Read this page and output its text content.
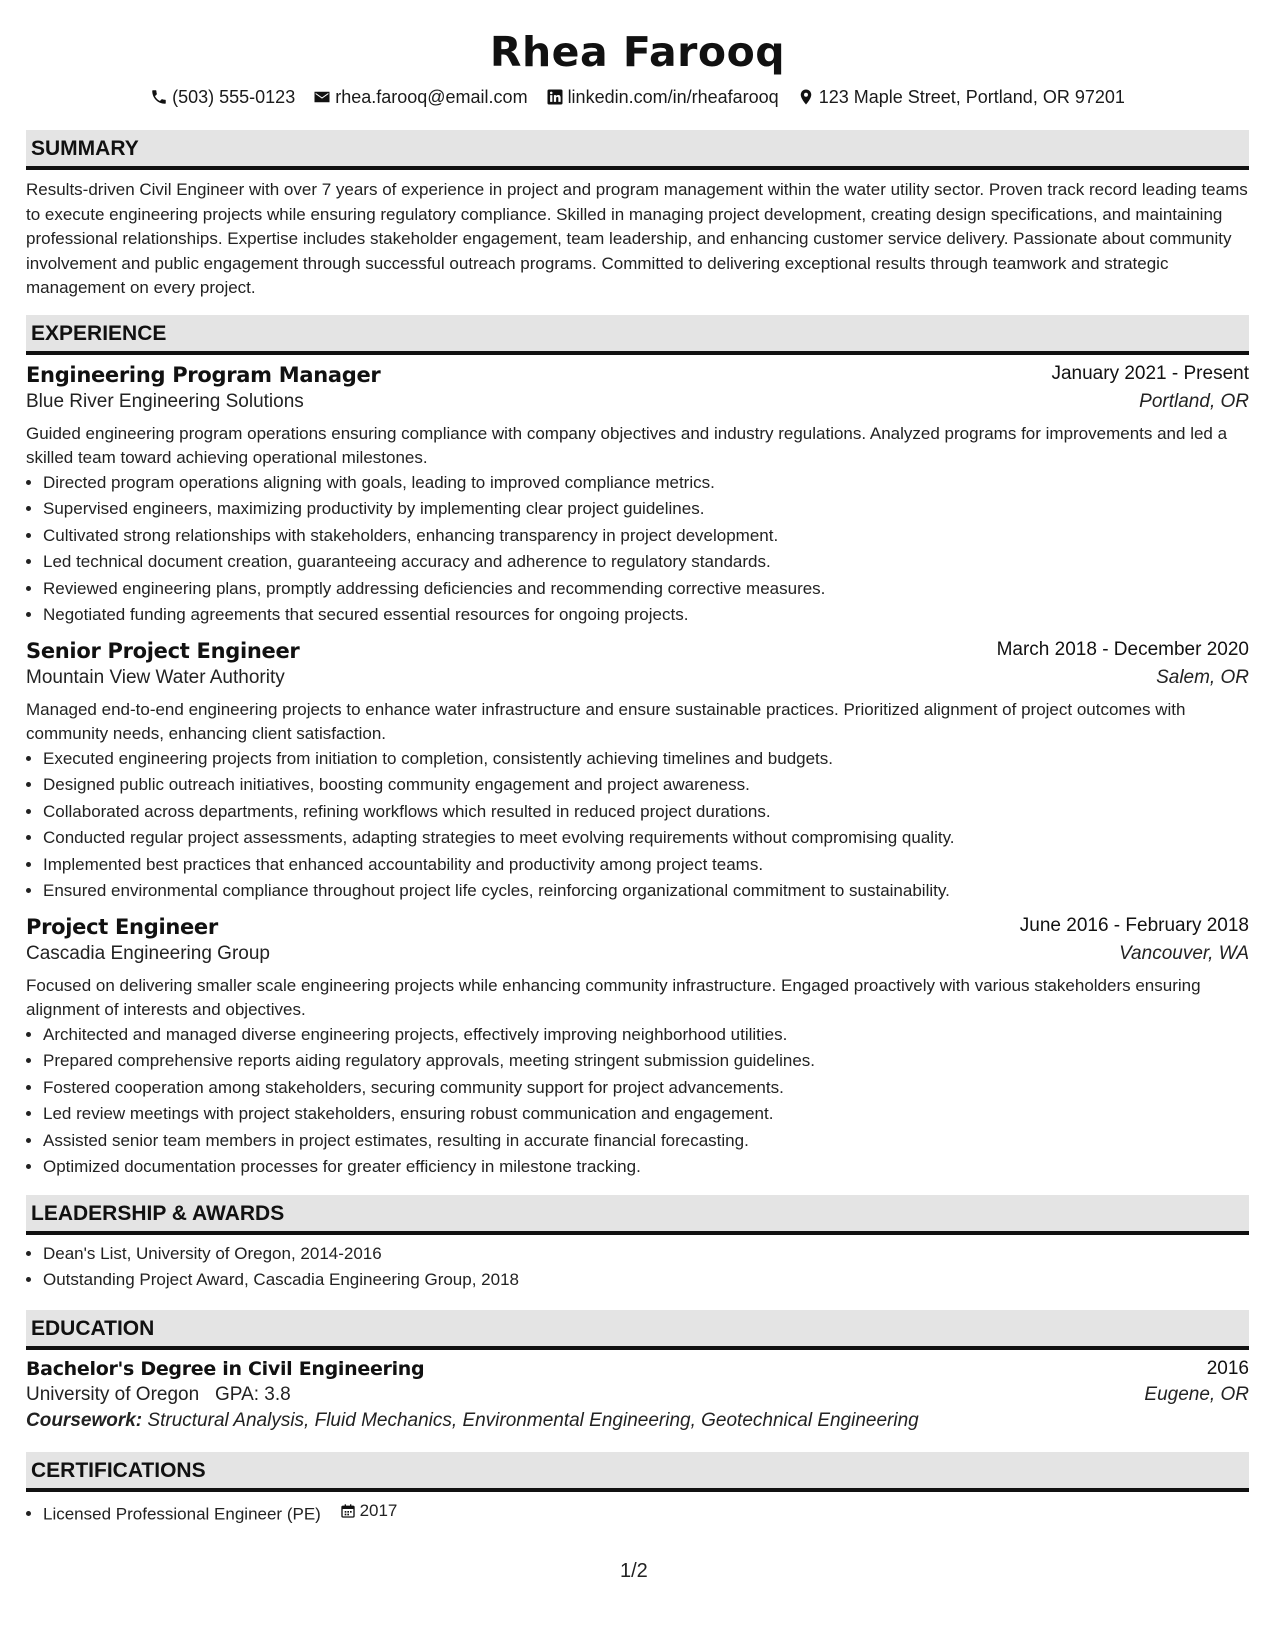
Rhea Farooq
(503) 555-0123 rhea.farooq@email.com linkedin.com/in/rheafarooq 123 Maple Street, Portland, OR 97201
SUMMARY

Results-driven Civil Engineer with over 7 years of experience in project and program management within the water utility sector. Proven track record leading teams to execute engineering projects while ensuring regulatory compliance. Skilled in managing project development, creating design specifications, and maintaining professional relationships. Expertise includes stakeholder engagement, team leadership, and enhancing customer service delivery. Passionate about community involvement and public engagement through successful outreach programs. Committed to delivering exceptional results through teamwork and strategic management on every project.

EXPERIENCE
Engineering Program Manager	January 2021 - Present
Blue River Engineering Solutions	Portland, OR

Guided engineering program operations ensuring compliance with company objectives and industry regulations. Analyzed programs for improvements and led a skilled team toward achieving operational milestones.

• Directed program operations aligning with goals, leading to improved compliance metrics.
• Supervised engineers, maximizing productivity by implementing clear project guidelines.
• Cultivated strong relationships with stakeholders, enhancing transparency in project development.
• Led technical document creation, guaranteeing accuracy and adherence to regulatory standards.
• Reviewed engineering plans, promptly addressing deficiencies and recommending corrective measures.
• Negotiated funding agreements that secured essential resources for ongoing projects.
Senior Project Engineer	March 2018 - December 2020
Mountain View Water Authority	Salem, OR

Managed end-to-end engineering projects to enhance water infrastructure and ensure sustainable practices. Prioritized alignment of project outcomes with community needs, enhancing client satisfaction.

• Executed engineering projects from initiation to completion, consistently achieving timelines and budgets.
• Designed public outreach initiatives, boosting community engagement and project awareness.
• Collaborated across departments, refining workflows which resulted in reduced project durations.
• Conducted regular project assessments, adapting strategies to meet evolving requirements without compromising quality.
• Implemented best practices that enhanced accountability and productivity among project teams.
• Ensured environmental compliance throughout project life cycles, reinforcing organizational commitment to sustainability.
Project Engineer	June 2016 - February 2018
Cascadia Engineering Group	Vancouver, WA

Focused on delivering smaller scale engineering projects while enhancing community infrastructure. Engaged proactively with various stakeholders ensuring alignment of interests and objectives.

• Architected and managed diverse engineering projects, effectively improving neighborhood utilities.
• Prepared comprehensive reports aiding regulatory approvals, meeting stringent submission guidelines.
• Fostered cooperation among stakeholders, securing community support for project advancements.
• Led review meetings with project stakeholders, ensuring robust communication and engagement.
• Assisted senior team members in project estimates, resulting in accurate financial forecasting.
• Optimized documentation processes for greater efficiency in milestone tracking.
LEADERSHIP & AWARDS
• Dean's List, University of Oregon, 2014-2016
• Outstanding Project Award, Cascadia Engineering Group, 2018
EDUCATION
Bachelor's Degree in Civil Engineering	2016
University of Oregon GPA: 3.8	Eugene, OR
Coursework: Structural Analysis, Fluid Mechanics, Environmental Engineering, Geotechnical Engineering
CERTIFICATIONS
• Licensed Professional Engineer (PE) 2017
1/2
